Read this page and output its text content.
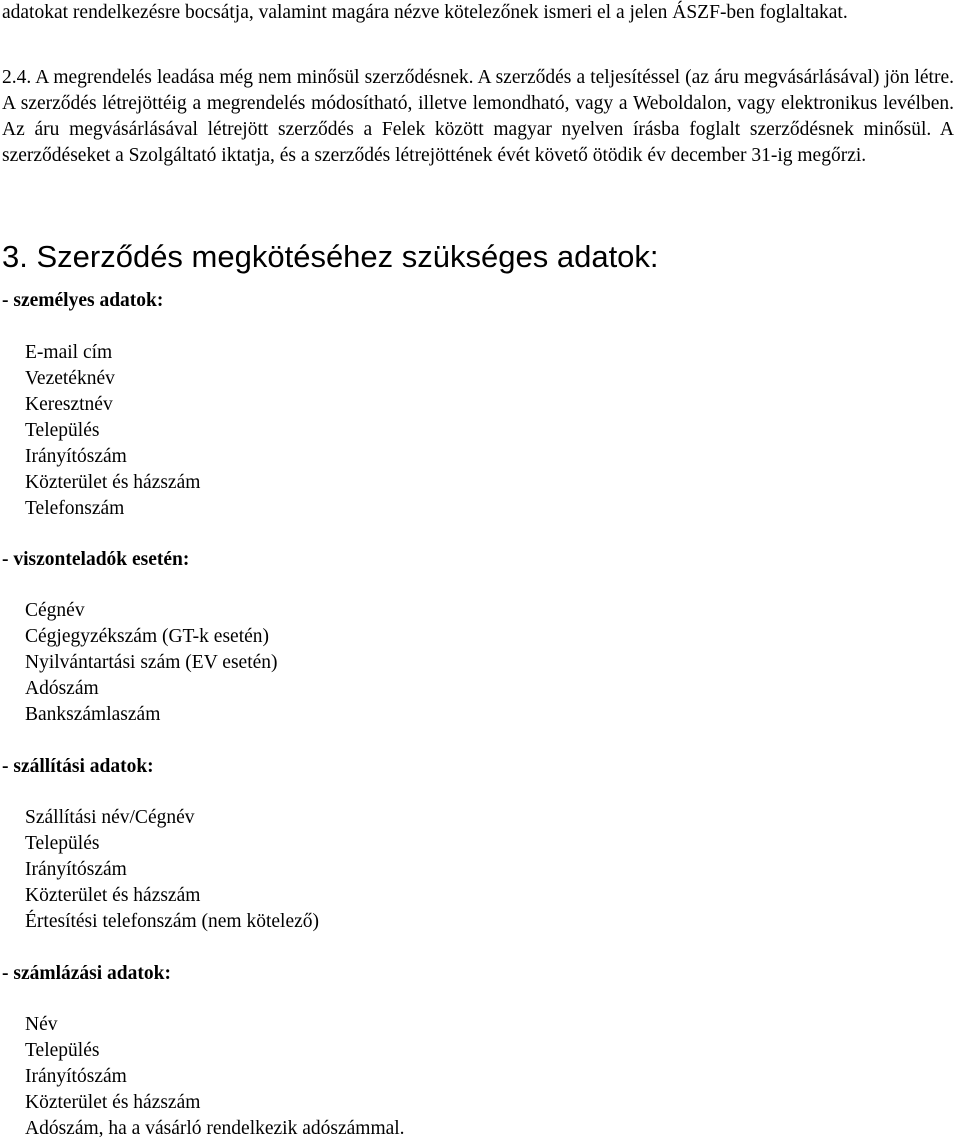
adatokat rendelkezésre bocsátja, valamint magára nézve kötelezőnek ismeri el a jelen ÁSZF-ben foglaltakat.

2.4. A megrendelés leadása még nem minősül szerződésnek. A szerződés a teljesítéssel (az áru megvásárlásával) jön létre. A szerződés létrejöttéig a megrendelés módosítható, illetve lemondható, vagy a Weboldalon, vagy elektronikus levélben. Az áru megvásárlásával létrejött szerződés a Felek között magyar nyelven írásba foglalt szerződésnek minősül. A szerződéseket a Szolgáltató iktatja, és a szerződés létrejöttének évét követő ötödik év december 31-ig megőrzi.

3. Szerződés megkötéséhez szükséges adatok:
- személyes adatok:
E-mail cím
Vezetéknév
Keresztnév
Település
Irányítószám
Közterület és házszám
Telefonszám
- viszonteladók esetén:
Cégnév
Cégjegyzékszám (GT-k esetén)
Nyilvántartási szám (EV esetén)
Adószám
Bankszámlaszám
- szállítási adatok:
Szállítási név/Cégnév
Település
Irányítószám
Közterület és házszám
Értesítési telefonszám (nem kötelező)
- számlázási adatok:
Név
Település
Irányítószám
Közterület és házszám
Adószám, ha a vásárló rendelkezik adószámmal.
